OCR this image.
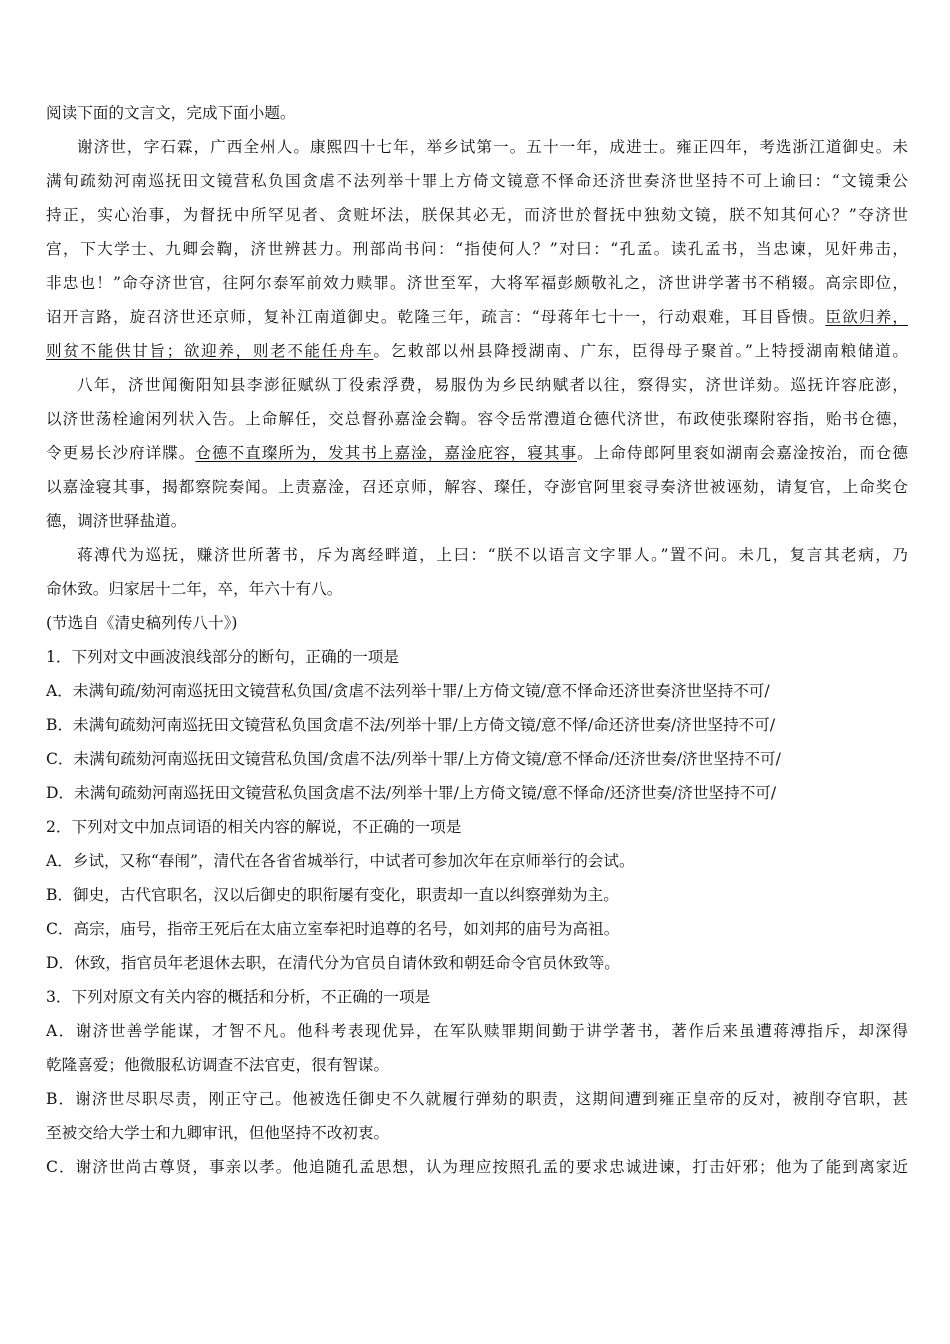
阅读下面的文言文，完成下面小题。
谢济世，字石霖，广西全州人。康熙四十七年，举乡试第一。五十一年，成进士。雍正四年，考选浙江道御史。未
满旬疏劾河南巡抚田文镜营私负国贪虐不法列举十罪上方倚文镜意不怿命还济世奏济世坚持不可上谕曰：“文镜秉公
持正，实心治事，为督抚中所罕见者、贪赃坏法，朕保其必无，而济世於督抚中独劾文镜，朕不知其何心？”夺济世
宫，下大学士、九卿会鞫，济世辨甚力。刑部尚书问：“指使何人？”对曰：“孔孟。读孔孟书，当忠谏，见奸弗击，
非忠也！”命夺济世官，往阿尔泰军前效力赎罪。济世至军，大将军福彭颇敬礼之，济世讲学著书不稍辍。高宗即位，
诏开言路，旋召济世还京师，复补江南道御史。乾隆三年，疏言：“母蒋年七十一，行动艰难，耳目昏愦。臣欲归养，
则贫不能供甘旨；欲迎养，则老不能任舟车。乞敕部以州县降授湖南、广东，臣得母子聚首。”上特授湖南粮储道。
八年，济世闻衡阳知县李澎征赋纵丁役索浮费，易服伪为乡民纳赋者以往，察得实，济世详劾。巡抚许容庇澎，
以济世荡栓逾闲列状入告。上命解任，交总督孙嘉淦会鞫。容令岳常澧道仓德代济世，布政使张璨附容指，贻书仓德，
令更易长沙府详牒。仓德不直璨所为，发其书上嘉淦，嘉淦庇容，寝其事。上命侍郎阿里衮如湖南会嘉淦按治，而仓德
以嘉淦寝其事，揭都察院奏闻。上责嘉淦，召还京师，解容、璨任，夺澎官阿里衮寻奏济世被诬劾，请复官，上命奖仓
德，调济世驿盐道。
蒋溥代为巡抚，赚济世所著书，斥为离经畔道，上曰：“朕不以语言文字罪人。”置不问。未几，复言其老病，乃
命休致。归家居十二年，卒，年六十有八。
(节选自《清史稿列传八十》)
1．下列对文中画波浪线部分的断句，正确的一项是
A．未满旬疏/劾河南巡抚田文镜营私负国/贪虐不法列举十罪/上方倚文镜/意不怿命还济世奏济世坚持不可/
B．未满旬疏劾河南巡抚田文镜营私负国贪虐不法/列举十罪/上方倚文镜/意不怿/命还济世奏/济世坚持不可/
C．未满旬疏劾河南巡抚田文镜营私负国/贪虐不法/列举十罪/上方倚文镜/意不怿命/还济世奏/济世坚持不可/
D．未满旬疏劾河南巡抚田文镜营私负国贪虐不法/列举十罪/上方倚文镜/意不怿命/还济世奏/济世坚持不可/
2．下列对文中加点词语的相关内容的解说，不正确的一项是
A．乡试，又称“春闱”，清代在各省省城举行，中试者可参加次年在京师举行的会试。
B．御史，古代官职名，汉以后御史的职衔屡有变化，职责却一直以纠察弹劾为主。
C．高宗，庙号，指帝王死后在太庙立室奉祀时追尊的名号，如刘邦的庙号为高祖。
D．休致，指官员年老退休去职，在清代分为官员自请休致和朝廷命令官员休致等。
3．下列对原文有关内容的概括和分析，不正确的一项是
A．谢济世善学能谋，才智不凡。他科考表现优异，在军队赎罪期间勤于讲学著书，著作后来虽遭蒋溥指斥，却深得
乾隆喜爱；他微服私访调查不法官吏，很有智谋。
B．谢济世尽职尽责，刚正守己。他被选任御史不久就履行弹劾的职责，这期间遭到雍正皇帝的反对，被削夺官职，甚
至被交给大学士和九卿审讯，但他坚持不改初衷。
C．谢济世尚古尊贤，事亲以孝。他追随孔孟思想，认为理应按照孔孟的要求忠诚进谏，打击奸邪；他为了能到离家近
